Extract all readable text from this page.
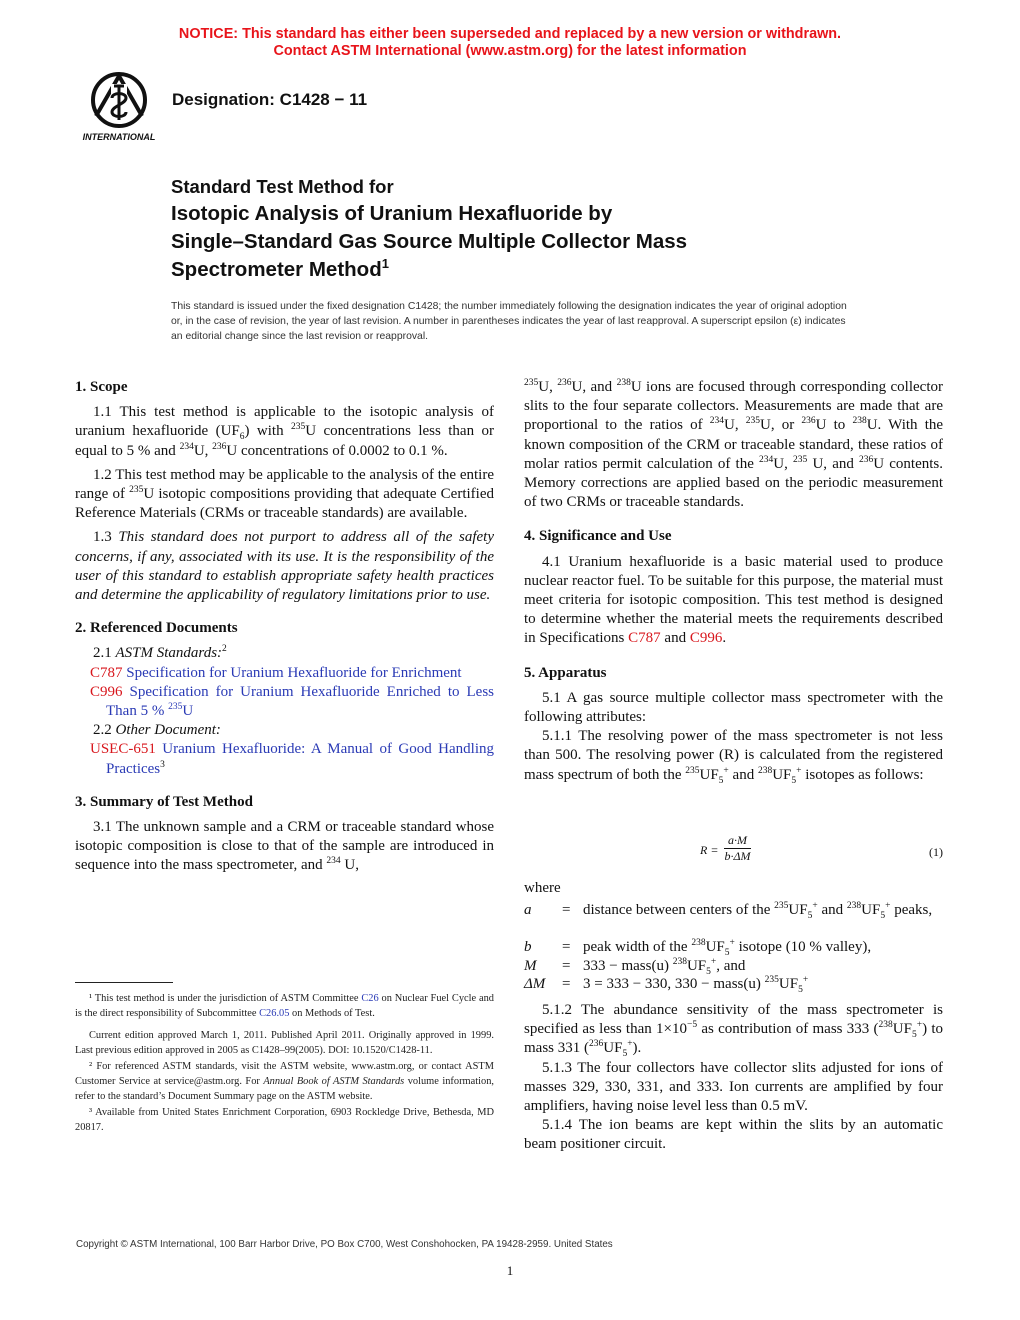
NOTICE: This standard has either been superseded and replaced by a new version or withdrawn.
Contact ASTM International (www.astm.org) for the latest information
INTERNATIONAL
Designation: C1428 − 11
Standard Test Method for
Isotopic Analysis of Uranium Hexafluoride by
Single–Standard Gas Source Multiple Collector Mass
Spectrometer Method$^1$
This standard is issued under the fixed designation C1428; the number immediately following the designation indicates the year of original adoption or, in the case of revision, the year of last revision. A number in parentheses indicates the year of last reapproval. A superscript epsilon (ε) indicates an editorial change since the last revision or reapproval.
1. Scope

1.1 This test method is applicable to the isotopic analysis of uranium hexafluoride $(UF_6)$ with $^{235}$U concentrations less than or equal to 5 % and $^{234}$U, $^{236}$U concentrations of 0.0002 to 0.1 %.

1.2 This test method may be applicable to the analysis of the entire range of $^{235}$U isotopic compositions providing that adequate Certified Reference Materials (CRMs or traceable standards) are available.

1.3 This standard does not purport to address all of the safety concerns, if any, associated with its use. It is the responsibility of the user of this standard to establish appropriate safety health practices and determine the applicability of regulatory limitations prior to use.

2. Referenced Documents

2.1 ASTM Standards:$^2$

C787 Specification for Uranium Hexafluoride for Enrichment

C996 Specification for Uranium Hexafluoride Enriched to Less Than 5 % $^{235}$U

2.2 Other Document:

USEC-651 Uranium Hexafluoride: A Manual of Good Handling Practices$^3$

3. Summary of Test Method

3.1 The unknown sample and a CRM or traceable standard whose isotopic composition is close to that of the sample are introduced in sequence into the mass spectrometer, and $^{234}$ U,

$^{235}$U, $^{236}$U, and $^{238}$U ions are focused through corresponding collector slits to the four separate collectors. Measurements are made that are proportional to the ratios of $^{234}$U, $^{235}$U, or $^{236}$U to $^{238}$U. With the known composition of the CRM or traceable standard, these ratios of molar ratios permit calculation of the $^{234}$U, $^{235}$ U, and $^{236}$U contents. Memory corrections are applied based on the periodic measurement of two CRMs or traceable standards.

4. Significance and Use

4.1 Uranium hexafluoride is a basic material used to produce nuclear reactor fuel. To be suitable for this purpose, the material must meet criteria for isotopic composition. This test method is designed to determine whether the material meets the requirements described in Specifications C787 and C996.

5. Apparatus

5.1 A gas source multiple collector mass spectrometer with the following attributes:

5.1.1 The resolving power of the mass spectrometer is not less than 500. The resolving power (R) is calculated from the registered mass spectrum of both the $^{235}UF_5^+$ and $^{238}UF_5^+$ isotopes as follows:

$R = \frac{a\cdot M}{b\cdot\Delta M}$	(1)
where
a = distance between centers of the $^{235}UF_5^+$ and $^{238}UF_5^+$ peaks,
b = peak width of the $^{238}UF_5^+$ isotope (10 % valley),
M = 333 − mass(u) $^{238}UF_5^+$, and
ΔM = 3 = 333 − 330, 330 − mass(u) $^{235}UF_5^+$

5.1.2 The abundance sensitivity of the mass spectrometer is specified as less than $1\times 10^{-5}$ as contribution of mass 333 $(^{238}UF_5^+)$ to mass 331 $(^{236}UF_5^+)$.

5.1.3 The four collectors have collector slits adjusted for ions of masses 329, 330, 331, and 333. Ion currents are amplified by four amplifiers, having noise level less than 0.5 mV.

5.1.4 The ion beams are kept within the slits by an automatic beam positioner circuit.

¹ This test method is under the jurisdiction of ASTM Committee C26 on Nuclear Fuel Cycle and is the direct responsibility of Subcommittee C26.05 on Methods of Test.

Current edition approved March 1, 2011. Published April 2011. Originally approved in 1999. Last previous edition approved in 2005 as C1428–99(2005). DOI: 10.1520/C1428-11.

² For referenced ASTM standards, visit the ASTM website, www.astm.org, or contact ASTM Customer Service at service@astm.org. For Annual Book of ASTM Standards volume information, refer to the standard’s Document Summary page on the ASTM website.

³ Available from United States Enrichment Corporation, 6903 Rockledge Drive, Bethesda, MD 20817.

Copyright © ASTM International, 100 Barr Harbor Drive, PO Box C700, West Conshohocken, PA 19428-2959. United States
1
